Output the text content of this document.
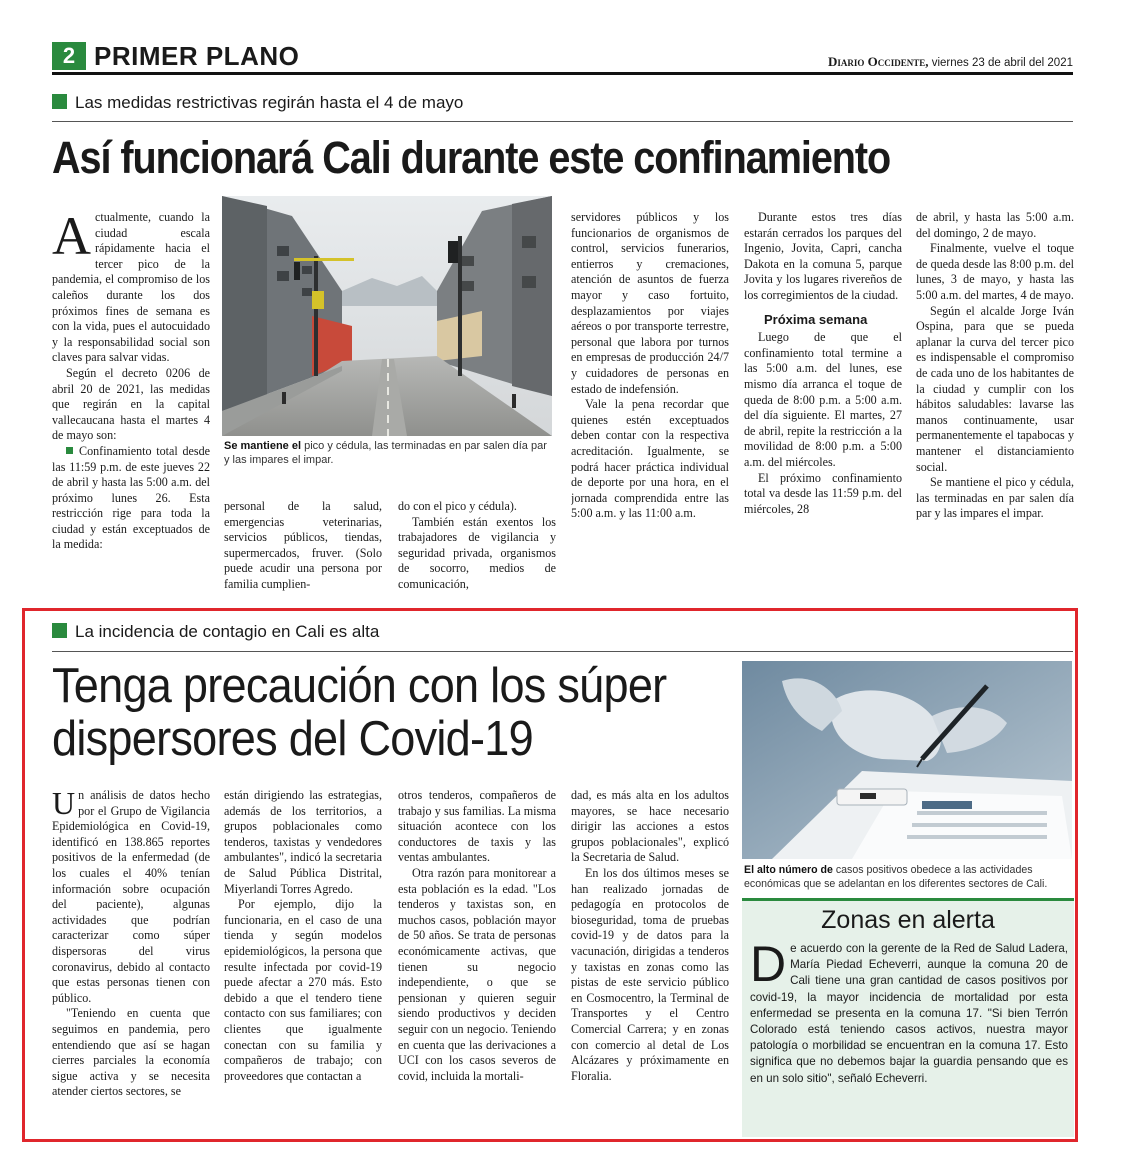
2 PRIMER PLANO	Diario Occidente, viernes 23 de abril del 2021
Las medidas restrictivas regirán hasta el 4 de mayo
Así funcionará Cali durante este confinamiento
Se mantiene el pico y cédula, las terminadas en par salen día par y las impares el impar.

Actualmente, cuando la ciudad escala rápidamente hacia el tercer pico de la pandemia, el compromiso de los caleños durante los dos próximos fines de semana es con la vida, pues el autocuidado y la responsabilidad social son claves para salvar vidas.

Según el decreto 0206 de abril 20 de 2021, las medidas que regirán en la capital vallecaucana hasta el martes 4 de mayo son:

Confinamiento total desde las 11:59 p.m. de este jueves 22 de abril y hasta las 5:00 a.m. del próximo lunes 26. Esta restricción rige para toda la ciudad y están exceptuados de la medida:

personal de la salud, emergencias veterinarias, servicios públicos, tiendas, supermercados, fruver. (Solo puede acudir una persona por familia cumplien-

do con el pico y cédula).

También están exentos los trabajadores de vigilancia y seguridad privada, organismos de socorro, medios de comunicación,

servidores públicos y los funcionarios de organismos de control, servicios funerarios, entierros y cremaciones, atención de asuntos de fuerza mayor y caso fortuito, desplazamientos por viajes aéreos o por transporte terrestre, personal que labora por turnos en empresas de producción 24/7 y cuidadores de personas en estado de indefensión.

Vale la pena recordar que quienes estén exceptuados deben contar con la respectiva acreditación. Igualmente, se podrá hacer práctica individual de deporte por una hora, en el jornada comprendida entre las 5:00 a.m. y las 11:00 a.m.

Durante estos tres días estarán cerrados los parques del Ingenio, Jovita, Capri, cancha Dakota en la comuna 5, parque Jovita y los lugares rivereños de los corregimientos de la ciudad.

Próxima semana

Luego de que el confinamiento total termine a las 5:00 a.m. del lunes, ese mismo día arranca el toque de queda de 8:00 p.m. a 5:00 a.m. del día siguiente. El martes, 27 de abril, repite la restricción a la movilidad de 8:00 p.m. a 5:00 a.m. del miércoles.

El próximo confinamiento total va desde las 11:59 p.m. del miércoles, 28

de abril, y hasta las 5:00 a.m. del domingo, 2 de mayo.

Finalmente, vuelve el toque de queda desde las 8:00 p.m. del lunes, 3 de mayo, y hasta las 5:00 a.m. del martes, 4 de mayo.

Según el alcalde Jorge Iván Ospina, para que se pueda aplanar la curva del tercer pico es indispensable el compromiso de cada uno de los habitantes de la ciudad y cumplir con los hábitos saludables: lavarse las manos continuamente, usar permanentemente el tapabocas y mantener el distanciamiento social.

Se mantiene el pico y cédula, las terminadas en par salen día par y las impares el impar.

La incidencia de contagio en Cali es alta
Tenga precaución con los súper dispersores del Covid-19
El alto número de casos positivos obedece a las actividades económicas que se adelantan en los diferentes sectores de Cali.

Un análisis de datos hecho por el Grupo de Vigilancia Epidemiológica en Covid-19, identificó en 138.865 reportes positivos de la enfermedad (de los cuales el 40% tenían información sobre ocupación del paciente), algunas actividades que podrían caracterizar como súper dispersoras del virus coronavirus, debido al contacto que estas personas tienen con público.

"Teniendo en cuenta que seguimos en pandemia, pero entendiendo que así se hagan cierres parciales la economía sigue activa y se necesita atender ciertos sectores, se

están dirigiendo las estrategias, además de los territorios, a grupos poblacionales como tenderos, taxistas y vendedores ambulantes", indicó la secretaria de Salud Pública Distrital, Miyerlandi Torres Agredo.

Por ejemplo, dijo la funcionaria, en el caso de una tienda y según modelos epidemiológicos, la persona que resulte infectada por covid-19 puede afectar a 270 más. Esto debido a que el tendero tiene contacto con sus familiares; con clientes que igualmente conectan con su familia y compañeros de trabajo; con proveedores que contactan a

otros tenderos, compañeros de trabajo y sus familias. La misma situación acontece con los conductores de taxis y las ventas ambulantes.

Otra razón para monitorear a esta población es la edad. "Los tenderos y taxistas son, en muchos casos, población mayor de 50 años. Se trata de personas económicamente activas, que tienen su negocio independiente, o que se pensionan y quieren seguir siendo productivos y deciden seguir con un negocio. Teniendo en cuenta que las derivaciones a UCI con los casos severos de covid, incluida la mortali-

dad, es más alta en los adultos mayores, se hace necesario dirigir las acciones a estos grupos poblacionales", explicó la Secretaria de Salud.

En los dos últimos meses se han realizado jornadas de pedagogía en protocolos de bioseguridad, toma de pruebas covid-19 y de datos para la vacunación, dirigidas a tenderos y taxistas en zonas como las pistas de este servicio público en Cosmocentro, la Terminal de Transportes y el Centro Comercial Carrera; y en zonas con comercio al detal de Los Alcázares y próximamente en Floralia.

Zonas en alerta
De acuerdo con la gerente de la Red de Salud Ladera, María Piedad Echeverri, aunque la comuna 20 de Cali tiene una gran cantidad de casos positivos por covid-19, la mayor incidencia de mortalidad por esta enfermedad se presenta en la comuna 17. "Si bien Terrón Colorado está teniendo casos activos, nuestra mayor patología o morbilidad se encuentran en la comuna 17. Esto significa que no debemos bajar la guardia pensando que es en un solo sitio", señaló Echeverri.
